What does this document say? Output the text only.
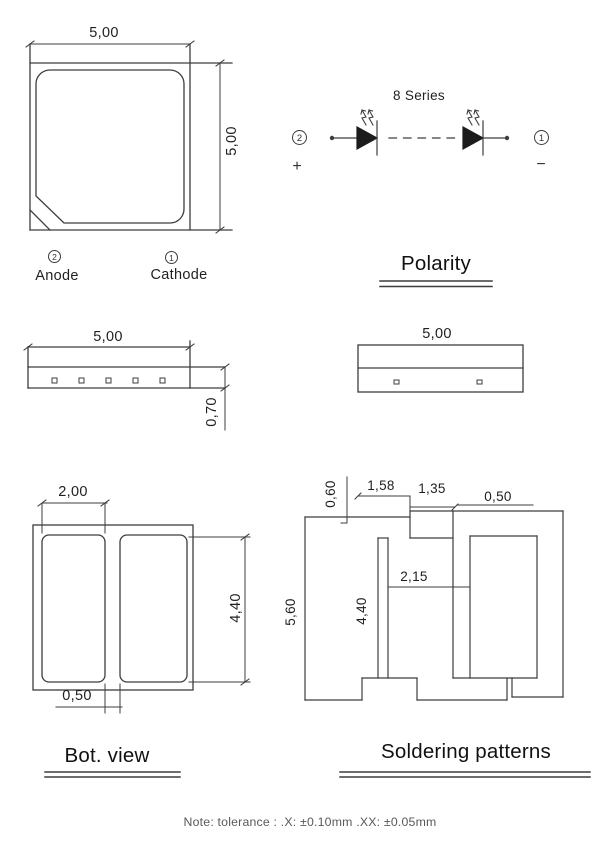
5,00
5,00
2	1
Anode	Cathode
8 Series
2
+
1
−
Polarity
5,00
0,70
5,00
2,00
4,40
0,50
Bot. view
0,60	1,58	1,35
0,50
5,60	4,40
2,15
Soldering patterns
Note: tolerance : .X: ±0.10mm .XX: ±0.05mm
